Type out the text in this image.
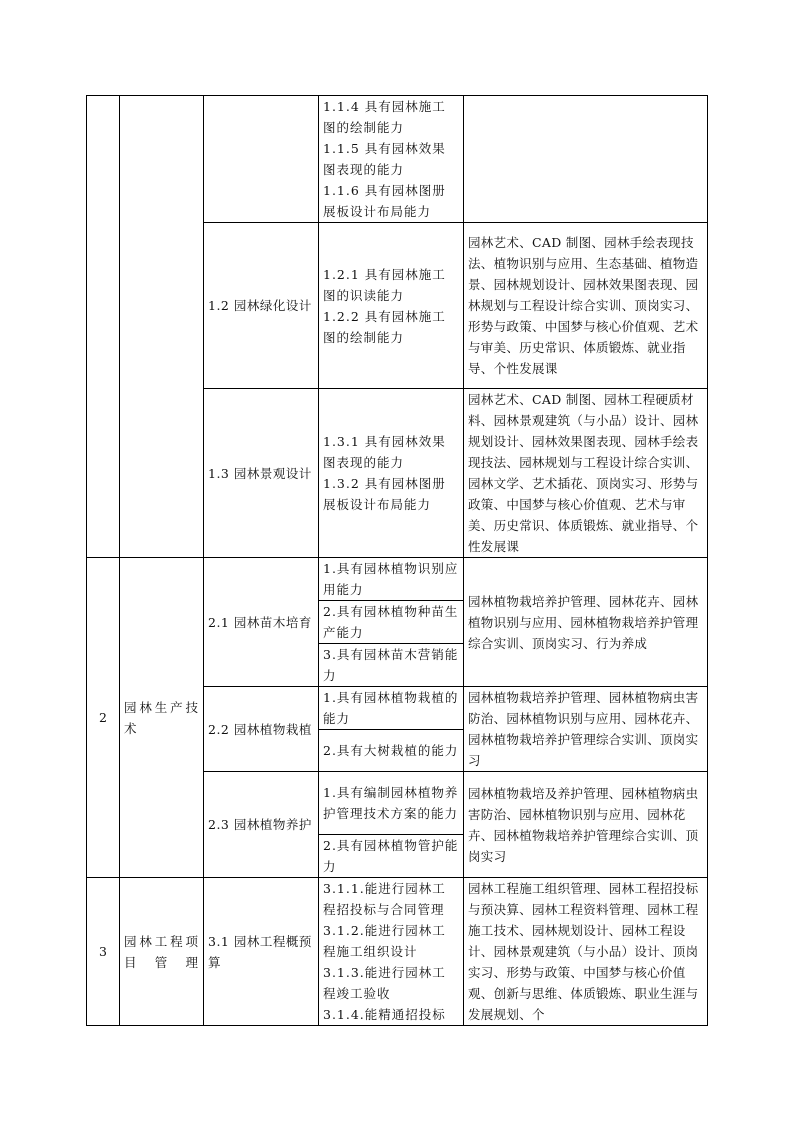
			1.1.4 具有园林施工图的绘制能力
1.1.5 具有园林效果图表现的能力
1.1.6 具有园林图册展板设计布局能力	

		1.2 园林绿化设计	1.2.1 具有园林施工图的识读能力
1.2.2 具有园林施工图的绘制能力	园林艺术、CAD 制图、园林手绘表现技法、植物识别与应用、生态基础、植物造景、园林规划设计、园林效果图表现、园林规划与工程设计综合实训、顶岗实习、形势与政策、中国梦与核心价值观、艺术与审美、历史常识、体质锻炼、就业指导、个性发展课
		1.3 园林景观设计	1.3.1 具有园林效果图表现的能力
1.3.2 具有园林图册展板设计布局能力	园林艺术、CAD 制图、园林工程硬质材料、园林景观建筑（与小品）设计、园林规划设计、园林效果图表现、园林手绘表现技法、园林规划与工程设计综合实训、园林文学、艺术插花、顶岗实习、形势与政策、中国梦与核心价值观、艺术与审美、历史常识、体质锻炼、就业指导、个性发展课
2	园林生产技术	2.1 园林苗木培育	1.具有园林植物识别应用能力	园林植物栽培养护管理、园林花卉、园林植物识别与应用、园林植物栽培养护管理综合实训、顶岗实习、行为养成
			2.具有园林植物种苗生产能力	
			3.具有园林苗木营销能力	
		2.2 园林植物栽植	1.具有园林植物栽植的能力	园林植物栽培养护管理、园林植物病虫害防治、园林植物识别与应用、园林花卉、园林植物栽培养护管理综合实训、顶岗实习
			2.具有大树栽植的能力	
		2.3 园林植物养护	1.具有编制园林植物养护管理技术方案的能力	园林植物栽培及养护管理、园林植物病虫害防治、园林植物识别与应用、园林花卉、园林植物栽培养护管理综合实训、顶岗实习
			2.具有园林植物管护能力	
3	园林工程项目管理	3.1 园林工程概预算	3.1.1.能进行园林工程招投标与合同管理
3.1.2.能进行园林工程施工组织设计
3.1.3.能进行园林工程竣工验收
3.1.4.能精通招投标	园林工程施工组织管理、园林工程招投标与预决算、园林工程资料管理、园林工程施工技术、园林规划设计、园林工程设计、园林景观建筑（与小品）设计、顶岗实习、形势与政策、中国梦与核心价值观、创新与思维、体质锻炼、职业生涯与发展规划、个
